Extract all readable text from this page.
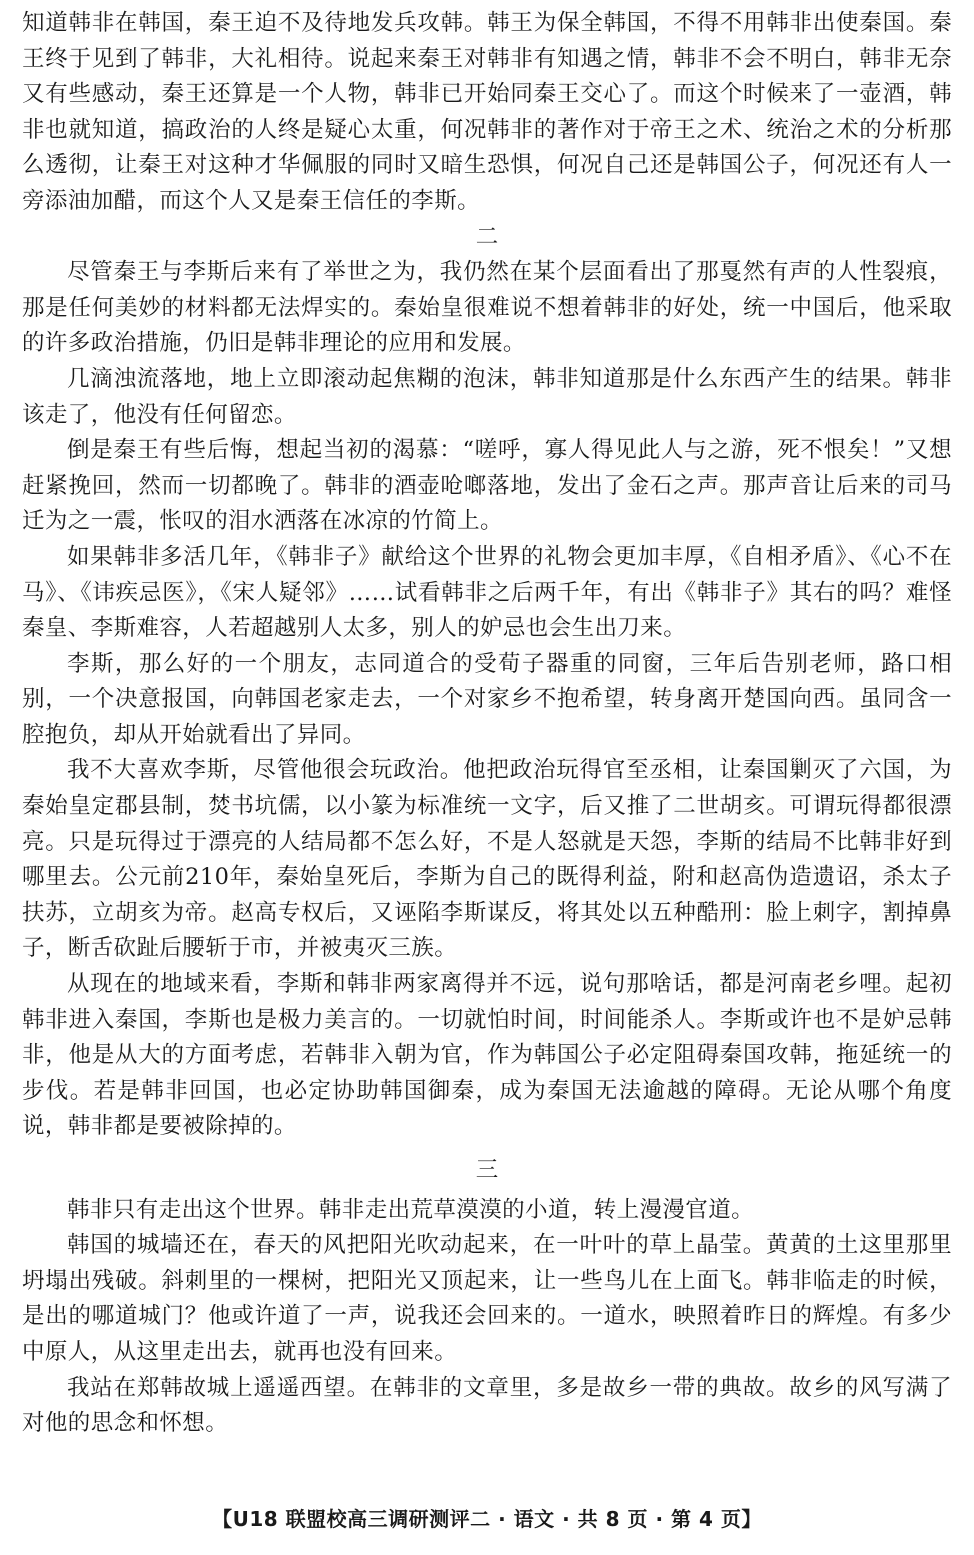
知道韩非在韩国，秦王迫不及待地发兵攻韩。韩王为保全韩国，不得不用韩非出使秦国。秦王终于见到了韩非，大礼相待。说起来秦王对韩非有知遇之情，韩非不会不明白，韩非无奈又有些感动，秦王还算是一个人物，韩非已开始同秦王交心了。而这个时候来了一壶酒，韩非也就知道，搞政治的人终是疑心太重，何况韩非的著作对于帝王之术、统治之术的分析那么透彻，让秦王对这种才华佩服的同时又暗生恐惧，何况自己还是韩国公子，何况还有人一旁添油加醋，而这个人又是秦王信任的李斯。

二

尽管秦王与李斯后来有了举世之为，我仍然在某个层面看出了那戛然有声的人性裂痕，那是任何美妙的材料都无法焊实的。秦始皇很难说不想着韩非的好处，统一中国后，他采取的许多政治措施，仍旧是韩非理论的应用和发展。

几滴浊流落地，地上立即滚动起焦糊的泡沫，韩非知道那是什么东西产生的结果。韩非该走了，他没有任何留恋。

倒是秦王有些后悔，想起当初的渴慕：“嗟呼，寡人得见此人与之游，死不恨矣！”又想赶紧挽回，然而一切都晚了。韩非的酒壶呛啷落地，发出了金石之声。那声音让后来的司马迁为之一震，怅叹的泪水洒落在冰凉的竹简上。

如果韩非多活几年，《韩非子》献给这个世界的礼物会更加丰厚，《自相矛盾》、《心不在马》、《讳疾忌医》，《宋人疑邻》……试看韩非之后两千年，有出《韩非子》其右的吗？难怪秦皇、李斯难容，人若超越别人太多，别人的妒忌也会生出刀来。

李斯，那么好的一个朋友，志同道合的受荀子器重的同窗，三年后告别老师，路口相别，一个决意报国，向韩国老家走去，一个对家乡不抱希望，转身离开楚国向西。虽同含一腔抱负，却从开始就看出了异同。

我不大喜欢李斯，尽管他很会玩政治。他把政治玩得官至丞相，让秦国剿灭了六国，为秦始皇定郡县制，焚书坑儒，以小篆为标准统一文字，后又推了二世胡亥。可谓玩得都很漂亮。只是玩得过于漂亮的人结局都不怎么好，不是人怒就是天怨，李斯的结局不比韩非好到哪里去。公元前210年，秦始皇死后，李斯为自己的既得利益，附和赵高伪造遗诏，杀太子扶苏，立胡亥为帝。赵高专权后，又诬陷李斯谋反，将其处以五种酷刑：脸上刺字，割掉鼻子，断舌砍趾后腰斩于市，并被夷灭三族。

从现在的地域来看，李斯和韩非两家离得并不远，说句那啥话，都是河南老乡哩。起初韩非进入秦国，李斯也是极力美言的。一切就怕时间，时间能杀人。李斯或许也不是妒忌韩非，他是从大的方面考虑，若韩非入朝为官，作为韩国公子必定阻碍秦国攻韩，拖延统一的步伐。若是韩非回国，也必定协助韩国御秦，成为秦国无法逾越的障碍。无论从哪个角度说，韩非都是要被除掉的。

三

韩非只有走出这个世界。韩非走出荒草漠漠的小道，转上漫漫官道。

韩国的城墙还在，春天的风把阳光吹动起来，在一叶叶的草上晶莹。黄黄的土这里那里坍塌出残破。斜刺里的一棵树，把阳光又顶起来，让一些鸟儿在上面飞。韩非临走的时候，是出的哪道城门？他或许道了一声，说我还会回来的。一道水，映照着昨日的辉煌。有多少中原人，从这里走出去，就再也没有回来。

我站在郑韩故城上遥遥西望。在韩非的文章里，多是故乡一带的典故。故乡的风写满了对他的思念和怀想。

【U18 联盟校高三调研测评二 · 语文 · 共 8 页 · 第 4 页】
